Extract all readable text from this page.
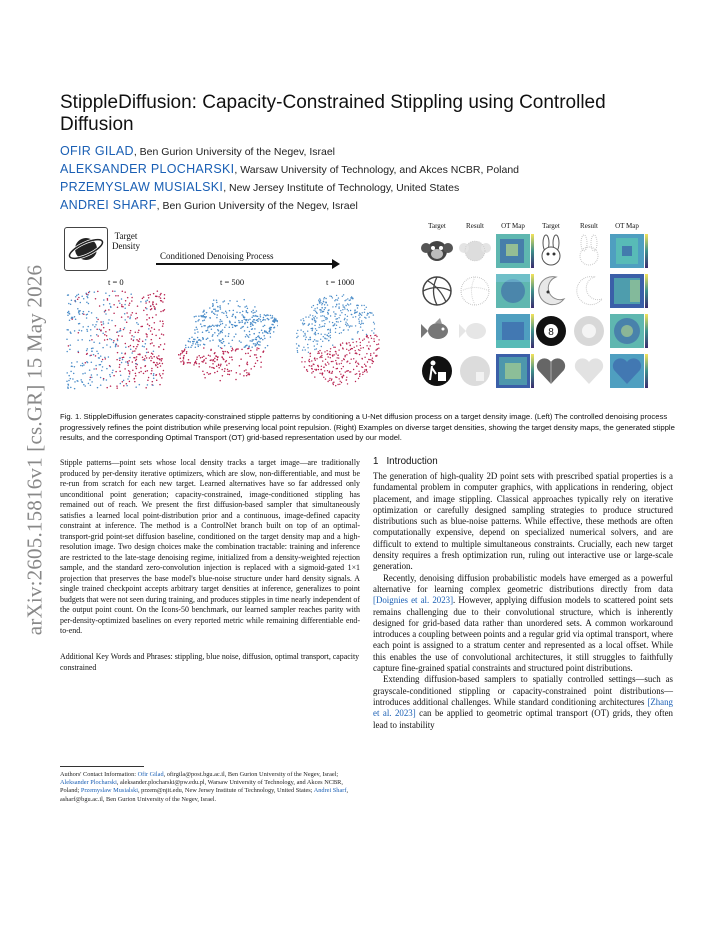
arXiv:2605.15816v1 [cs.GR] 15 May 2026
StippleDiffusion: Capacity-Constrained Stippling using Controlled Diffusion
OFIR GILAD, Ben Gurion University of the Negev, Israel
ALEKSANDER PLOCHARSKI, Warsaw University of Technology, and Akces NCBR, Poland
PRZEMYSLAW MUSIALSKI, New Jersey Institute of Technology, United States
ANDREI SHARF, Ben Gurion University of the Negev, Israel
Target
Density
Conditioned Denoising Process
t = 0	t = 500	t = 1000
Target	Result	OT Map	Target	Result	OT Map
8
Fig. 1. StippleDiffusion generates capacity-constrained stipple patterns by conditioning a U-Net diffusion process on a target density image. (Left) The controlled denoising process progressively refines the point distribution while preserving local point repulsion. (Right) Examples on diverse target densities, showing the target density maps, the generated stipple results, and the corresponding Optimal Transport (OT) grid-based representation used by our model.

Stipple patterns—point sets whose local density tracks a target image—are traditionally produced by per-density iterative optimizers, which are slow, non-differentiable, and must be re-run from scratch for each new target. Learned alternatives have so far addressed only unconditional point generation; capacity-constrained, image-conditioned stippling has remained out of reach. We present the first diffusion-based sampler that simultaneously satisfies a learned local point-distribution prior and a continuous, image-defined capacity constraint at inference. The method is a ControlNet branch built on top of an optimal-transport-grid point-set diffusion baseline, conditioned on the target density map and a high-resolution image. Two design choices make the combination tractable: training and inference are restricted to the late-stage denoising regime, initialized from a density-weighted rejection sample, and the standard zero-convolution injection is replaced with a sigmoid-gated 1×1 projection that preserves the base model's blue-noise structure under hard density signals. A single trained checkpoint accepts arbitrary target densities at inference, generalizes to point budgets that were not seen during training, and produces stipples in time nearly independent of the output point count. On the Icons-50 benchmark, our learned sampler reaches parity with per-density-optimized baselines on every reported metric while remaining differentiable end-to-end.

Additional Key Words and Phrases: stippling, blue noise, diffusion, optimal transport, capacity constrained
Authors' Contact Information: Ofir Gilad, ofirgila@post.bgu.ac.il, Ben Gurion University of the Negev, Israel; Aleksander Plocharski, aleksander.plocharski@pw.edu.pl, Warsaw University of Technology, and Akces NCBR, Poland; Przemyslaw Musialski, przem@njit.edu, New Jersey Institute of Technology, United States; Andrei Sharf, asharf@bgu.ac.il, Ben Gurion University of the Negev, Israel.
1 Introduction

The generation of high-quality 2D point sets with prescribed spatial properties is a fundamental problem in computer graphics, with applications in rendering, object placement, and image stippling. Classical approaches typically rely on iterative optimization or carefully designed sampling strategies to produce structured distributions such as blue-noise patterns. While effective, these methods are often computationally expensive, depend on specialized numerical solvers, and are difficult to extend to multiple simultaneous constraints. Crucially, each new target density requires a fresh optimization run, ruling out interactive use or large-scale generation.

Recently, denoising diffusion probabilistic models have emerged as a powerful alternative for learning complex geometric distributions directly from data [Doignies et al. 2023]. However, applying diffusion models to scattered point sets remains challenging due to their convolutional structure, which is inherently designed for grid-based data rather than unordered sets. A common workaround introduces a coupling between points and a regular grid via optimal transport, where each point is assigned to a stratum center and represented as a local offset. While this enables the use of convolutional architectures, it still struggles to faithfully capture fine-grained spatial constraints and structured point distributions.

Extending diffusion-based samplers to spatially controlled settings—such as grayscale-conditioned stippling or capacity-constrained point distributions—introduces additional challenges. While standard conditioning architectures [Zhang et al. 2023] can be applied to geometric optimal transport (OT) grids, they often lead to instability
